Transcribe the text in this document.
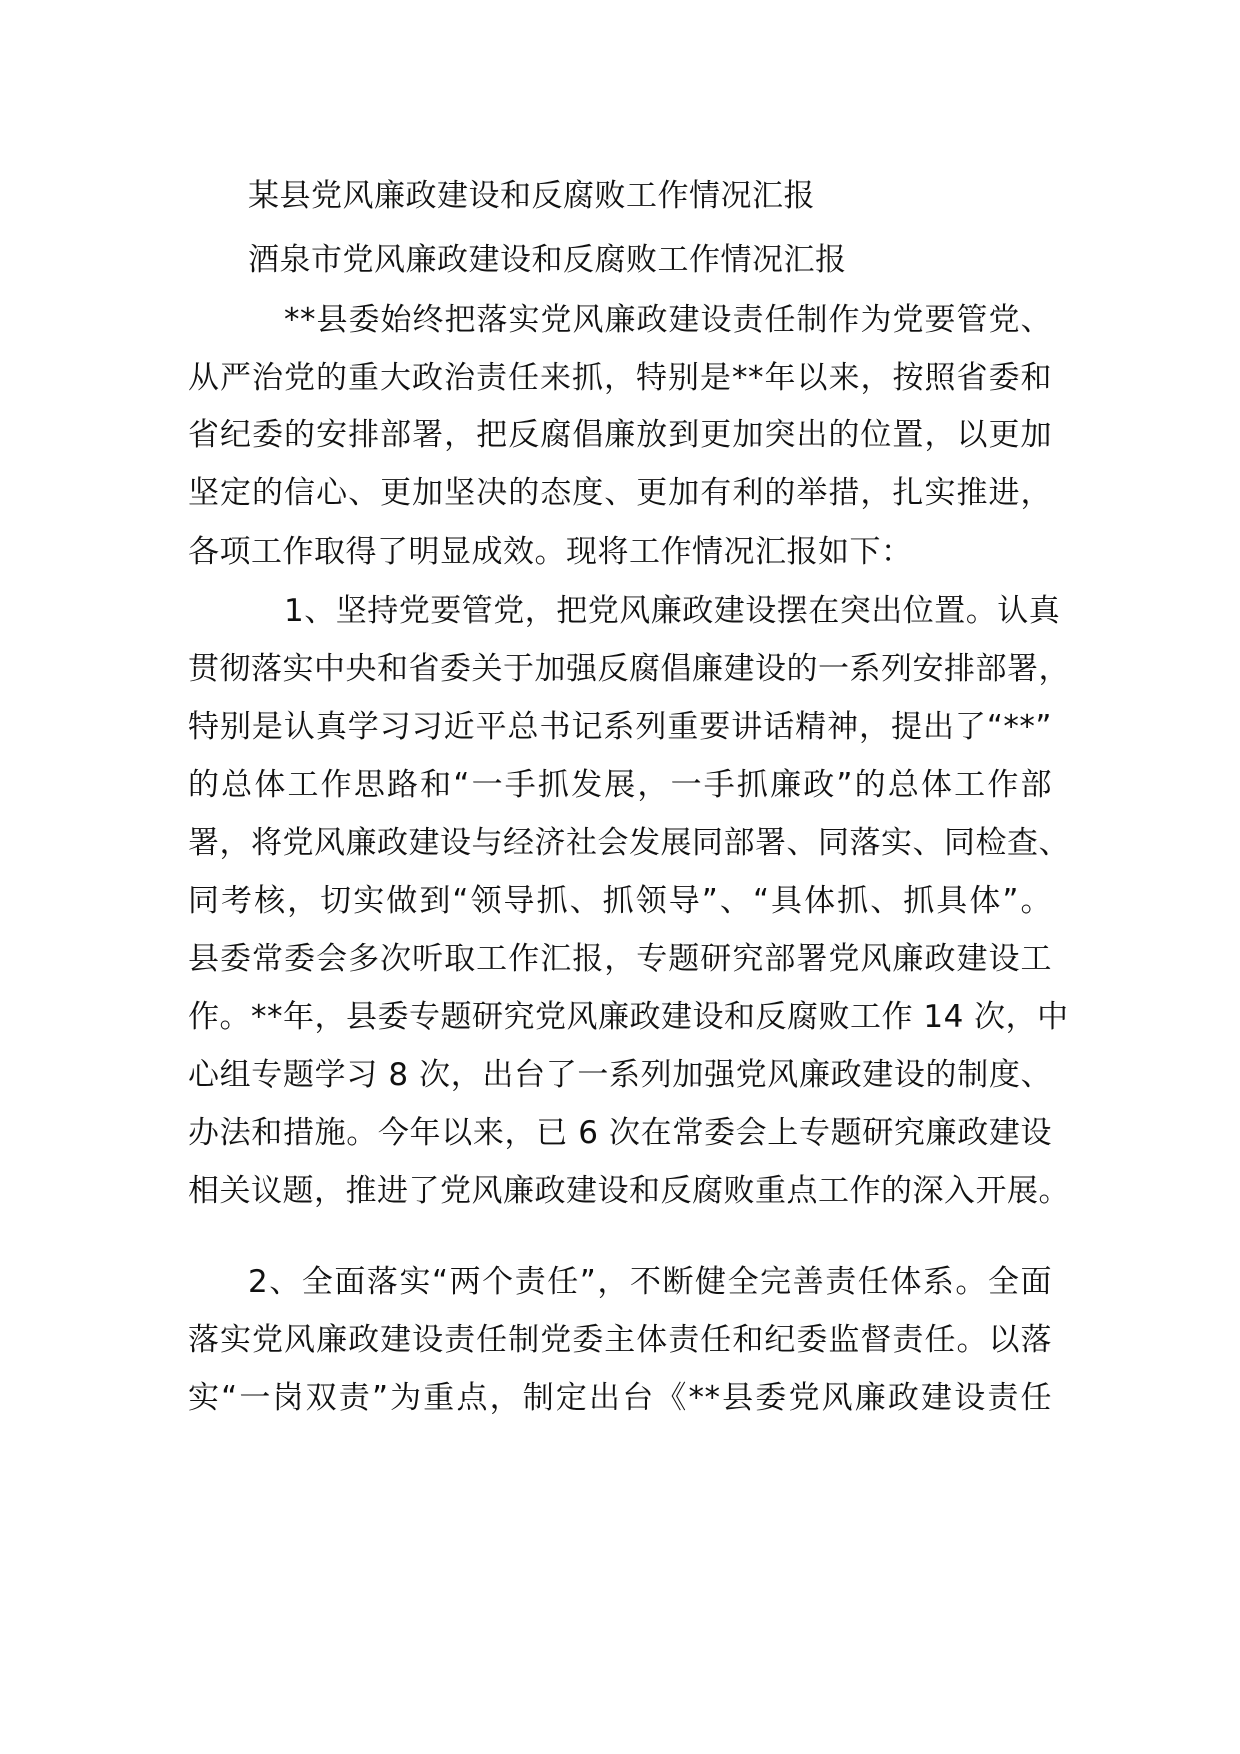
某县党风廉政建设和反腐败工作情况汇报
酒泉市党风廉政建设和反腐败工作情况汇报
**县委始终把落实党风廉政建设责任制作为党要管党、
从严治党的重大政治责任来抓，特别是**年以来，按照省委和
省纪委的安排部署，把反腐倡廉放到更加突出的位置，以更加
坚定的信心、更加坚决的态度、更加有利的举措，扎实推进，
各项工作取得了明显成效。现将工作情况汇报如下：
1、坚持党要管党，把党风廉政建设摆在突出位置。认真
贯彻落实中央和省委关于加强反腐倡廉建设的一系列安排部署，
特别是认真学习习近平总书记系列重要讲话精神，提出了“**”
的总体工作思路和“一手抓发展，一手抓廉政”的总体工作部
署，将党风廉政建设与经济社会发展同部署、同落实、同检查、
同考核，切实做到“领导抓、抓领导”、“具体抓、抓具体”。
县委常委会多次听取工作汇报，专题研究部署党风廉政建设工
作。**年，县委专题研究党风廉政建设和反腐败工作 14 次，中
心组专题学习 8 次，出台了一系列加强党风廉政建设的制度、
办法和措施。今年以来，已 6 次在常委会上专题研究廉政建设
相关议题，推进了党风廉政建设和反腐败重点工作的深入开展。
2、全面落实“两个责任”，不断健全完善责任体系。全面
落实党风廉政建设责任制党委主体责任和纪委监督责任。以落
实“一岗双责”为重点，制定出台《**县委党风廉政建设责任
